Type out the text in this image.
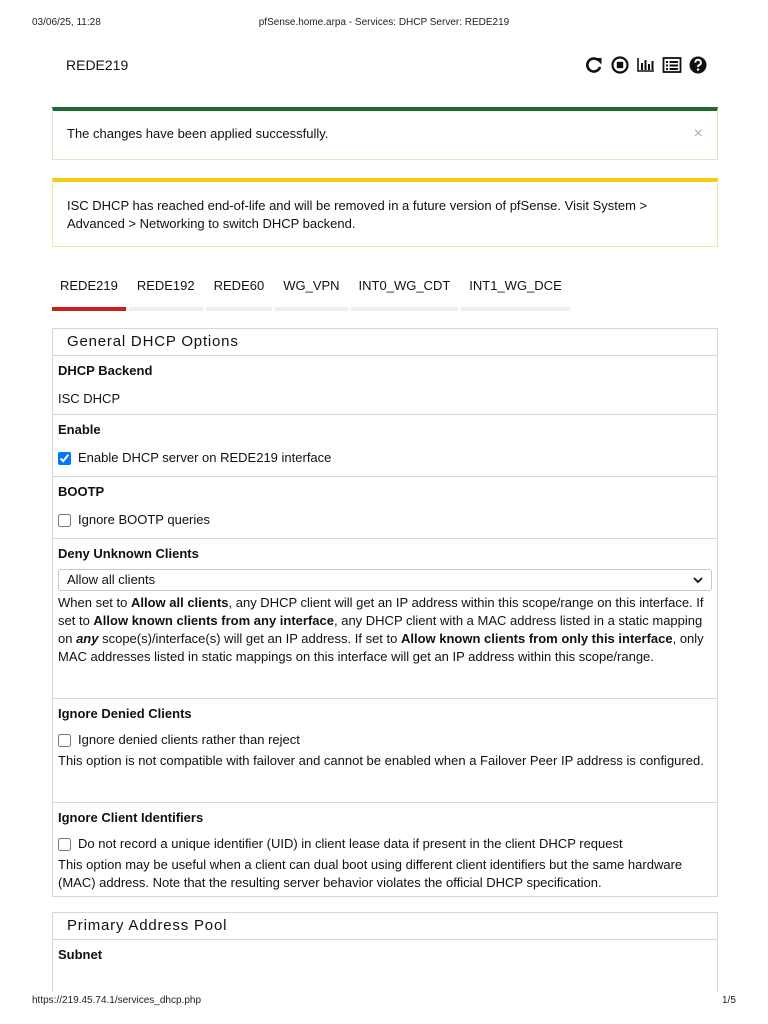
03/06/25, 11:28	pfSense.home.arpa - Services: DHCP Server: REDE219
REDE219
The changes have been applied successfully.	×
ISC DHCP has reached end-of-life and will be removed in a future version of pfSense. Visit System > Advanced > Networking to switch DHCP backend.
REDE219	REDE192	REDE60	WG_VPN	INT0_WG_CDT	INT1_WG_DCE
General DHCP Options
DHCP Backend
ISC DHCP
Enable
Enable DHCP server on REDE219 interface
BOOTP
Ignore BOOTP queries
Deny Unknown Clients
Allow all clients
When set to Allow all clients, any DHCP client will get an IP address within this scope/range on this interface. If set to Allow known clients from any interface, any DHCP client with a MAC address listed in a static mapping on any scope(s)/interface(s) will get an IP address. If set to Allow known clients from only this interface, only MAC addresses listed in static mappings on this interface will get an IP address within this scope/range.
Ignore Denied Clients
Ignore denied clients rather than reject
This option is not compatible with failover and cannot be enabled when a Failover Peer IP address is configured.
Ignore Client Identifiers
Do not record a unique identifier (UID) in client lease data if present in the client DHCP request
This option may be useful when a client can dual boot using different client identifiers but the same hardware (MAC) address. Note that the resulting server behavior violates the official DHCP specification.
Primary Address Pool
Subnet
https://219.45.74.1/services_dhcp.php	1/5
